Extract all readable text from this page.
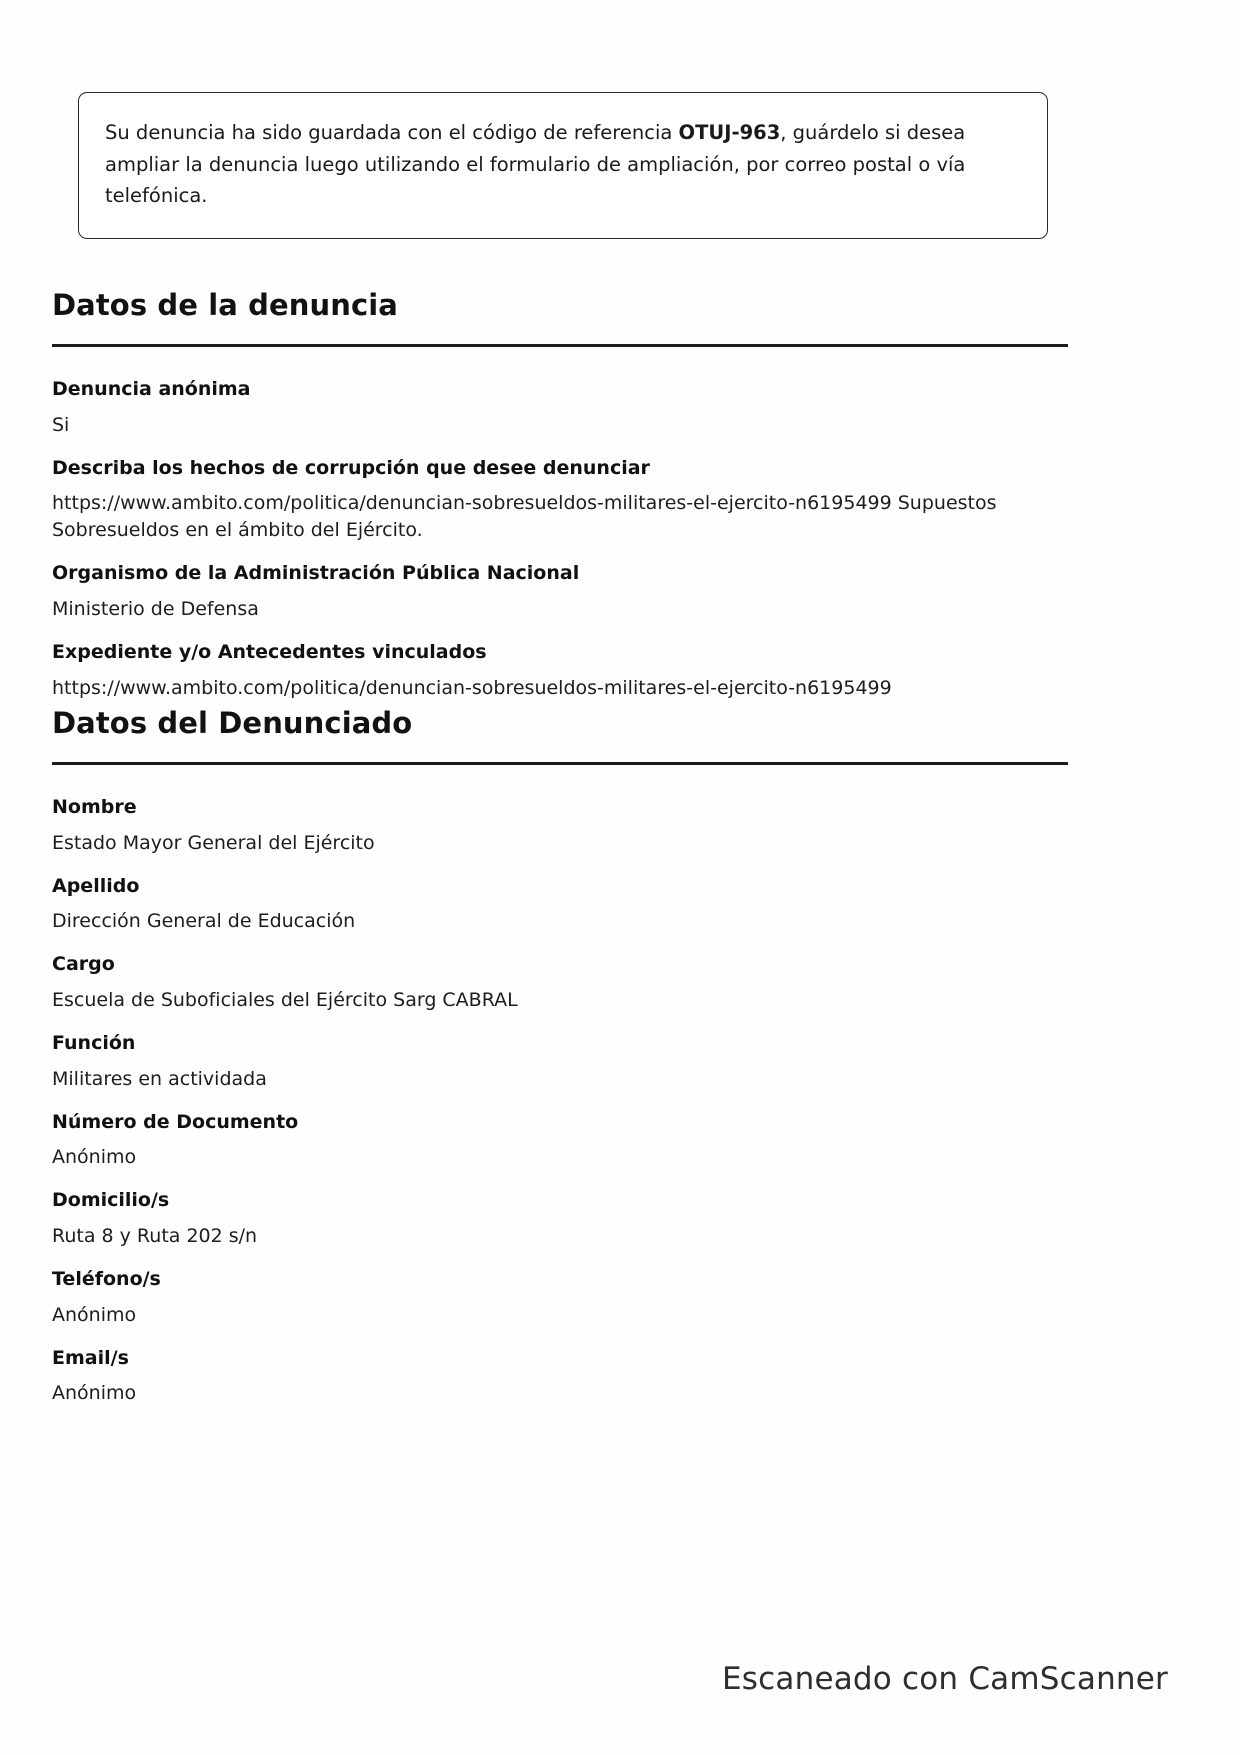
Su denuncia ha sido guardada con el código de referencia OTUJ-963, guárdelo si desea ampliar la denuncia luego utilizando el formulario de ampliación, por correo postal o vía telefónica.

Datos de la denuncia

Denuncia anónima

Si

Describa los hechos de corrupción que desee denunciar

https://www.ambito.com/politica/denuncian-sobresueldos-militares-el-ejercito-n6195499 Supuestos Sobresueldos en el ámbito del Ejército.

Organismo de la Administración Pública Nacional

Ministerio de Defensa

Expediente y/o Antecedentes vinculados

https://www.ambito.com/politica/denuncian-sobresueldos-militares-el-ejercito-n6195499

Datos del Denunciado

Nombre

Estado Mayor General del Ejército

Apellido

Dirección General de Educación

Cargo

Escuela de Suboficiales del Ejército Sarg CABRAL

Función

Militares en actividada

Número de Documento

Anónimo

Domicilio/s

Ruta 8 y Ruta 202 s/n

Teléfono/s

Anónimo

Email/s

Anónimo

Escaneado con CamScanner
